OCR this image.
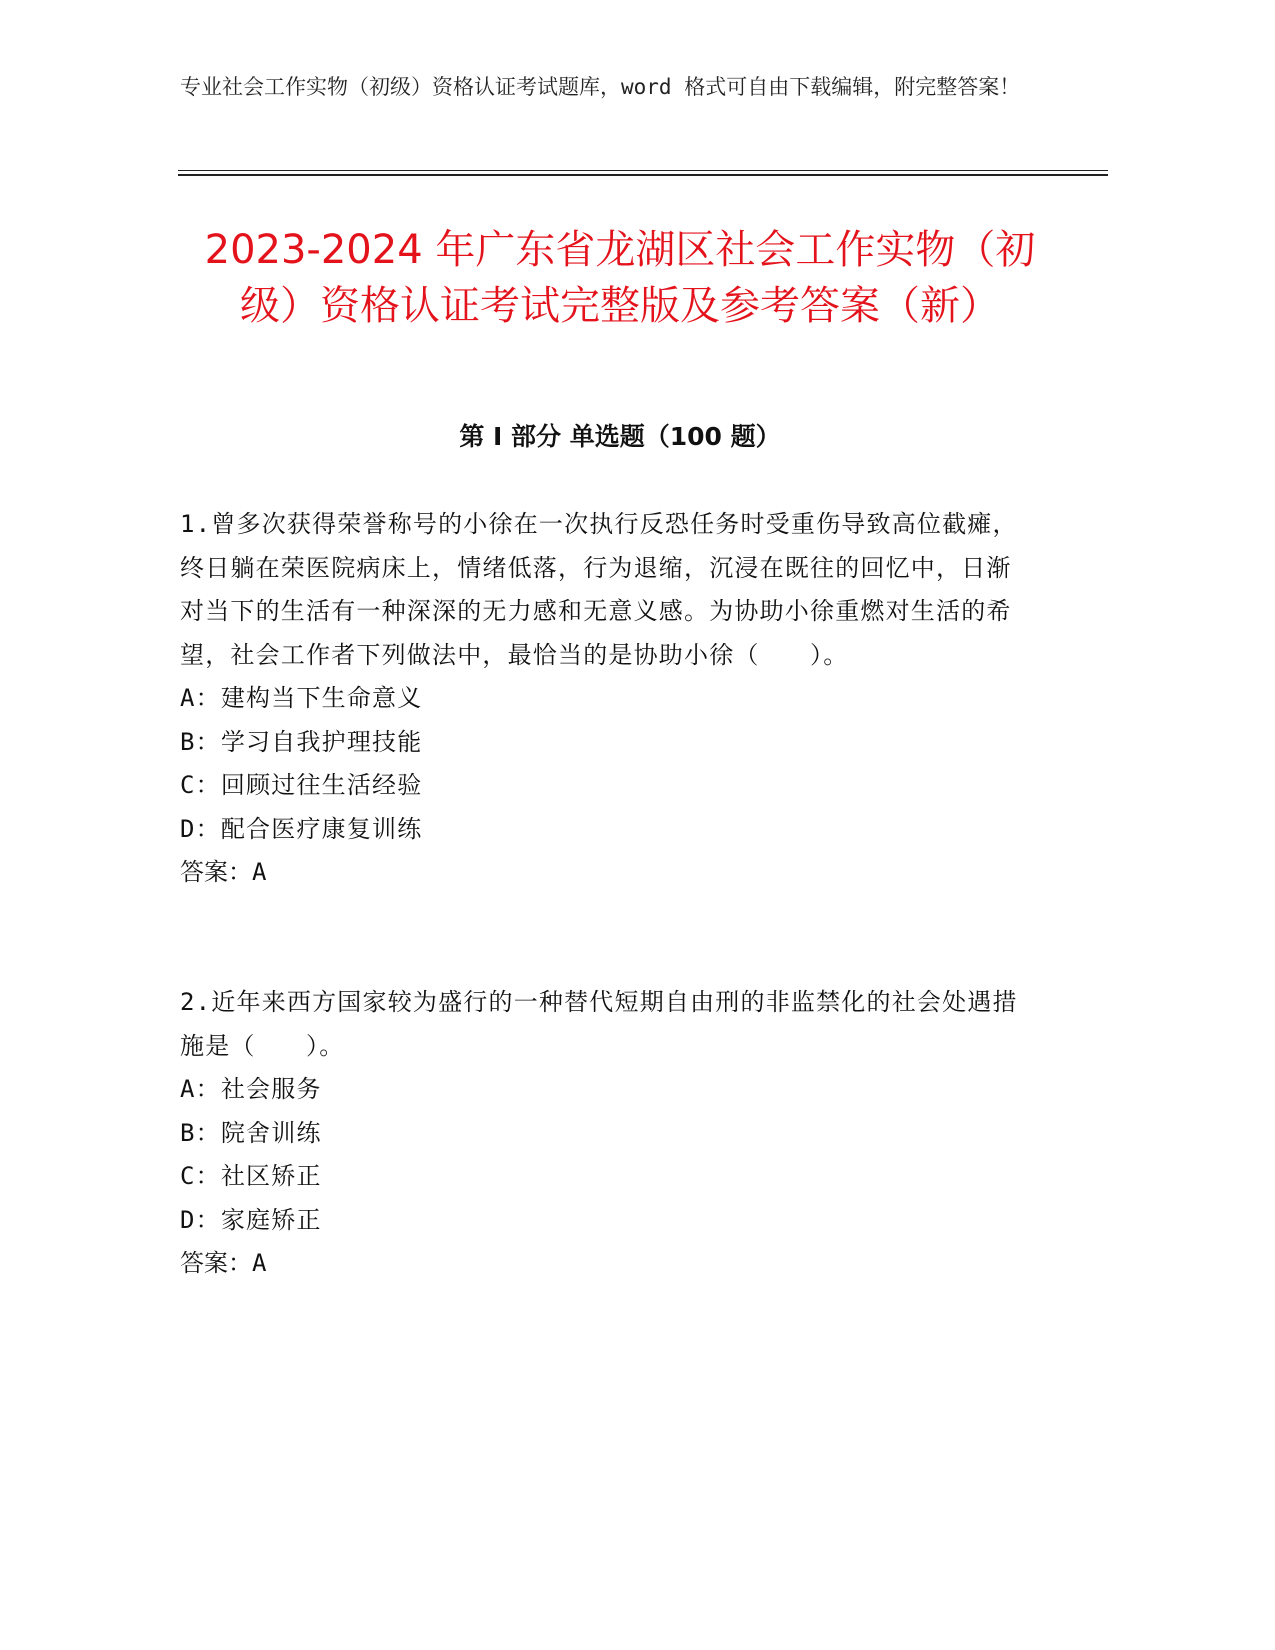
专业社会工作实物（初级）资格认证考试题库，word 格式可自由下载编辑，附完整答案！
2023-2024 年广东省龙湖区社会工作实物（初级）资格认证考试完整版及参考答案（新）
第 I 部分 单选题（100 题）

1.曾多次获得荣誉称号的小徐在一次执行反恐任务时受重伤导致高位截瘫，终日躺在荣医院病床上，情绪低落，行为退缩，沉浸在既往的回忆中，日渐对当下的生活有一种深深的无力感和无意义感。为协助小徐重燃对生活的希望，社会工作者下列做法中，最恰当的是协助小徐（　　）。

A：建构当下生命意义
B：学习自我护理技能
C：回顾过往生活经验
D：配合医疗康复训练
答案：A

2.近年来西方国家较为盛行的一种替代短期自由刑的非监禁化的社会处遇措施是（　　）。

A：社会服务
B：院舍训练
C：社区矫正
D：家庭矫正
答案：A
